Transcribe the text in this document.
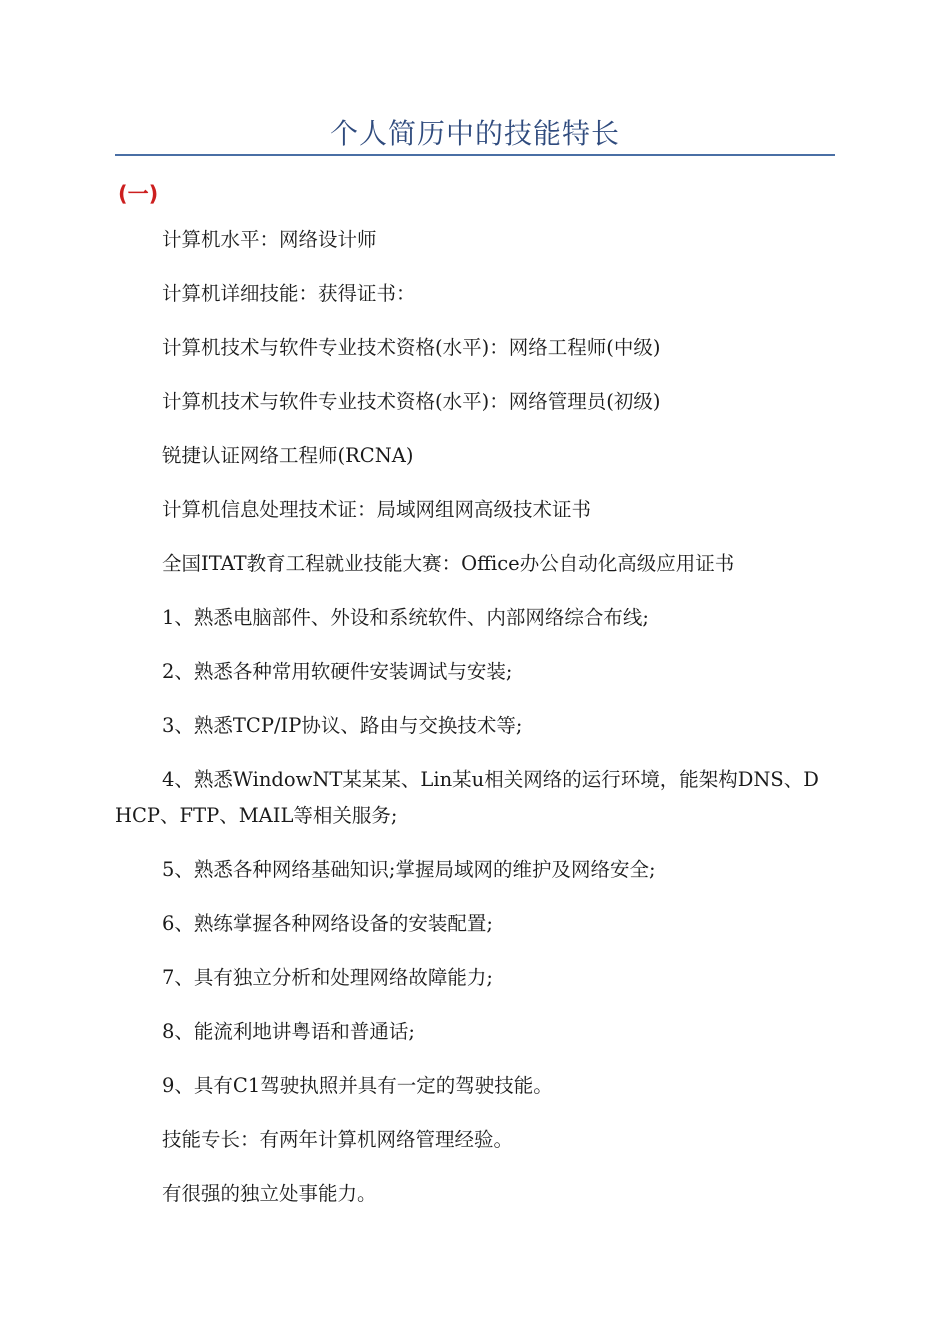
个人简历中的技能特长
(一)

计算机水平：网络设计师

计算机详细技能：获得证书：

计算机技术与软件专业技术资格(水平)：网络工程师(中级)

计算机技术与软件专业技术资格(水平)：网络管理员(初级)

锐捷认证网络工程师(RCNA)

计算机信息处理技术证：局域网组网高级技术证书

全国ITAT教育工程就业技能大赛：Office办公自动化高级应用证书

1、熟悉电脑部件、外设和系统软件、内部网络综合布线;

2、熟悉各种常用软硬件安装调试与安装;

3、熟悉TCP/IP协议、路由与交换技术等;

4、熟悉WindowNT某某某、Lin某u相关网络的运行环境，能架构DNS、DHCP、FTP、MAIL等相关服务;

5、熟悉各种网络基础知识;掌握局域网的维护及网络安全;

6、熟练掌握各种网络设备的安装配置;

7、具有独立分析和处理网络故障能力;

8、能流利地讲粤语和普通话;

9、具有C1驾驶执照并具有一定的驾驶技能。

技能专长：有两年计算机网络管理经验。

有很强的独立处事能力。
